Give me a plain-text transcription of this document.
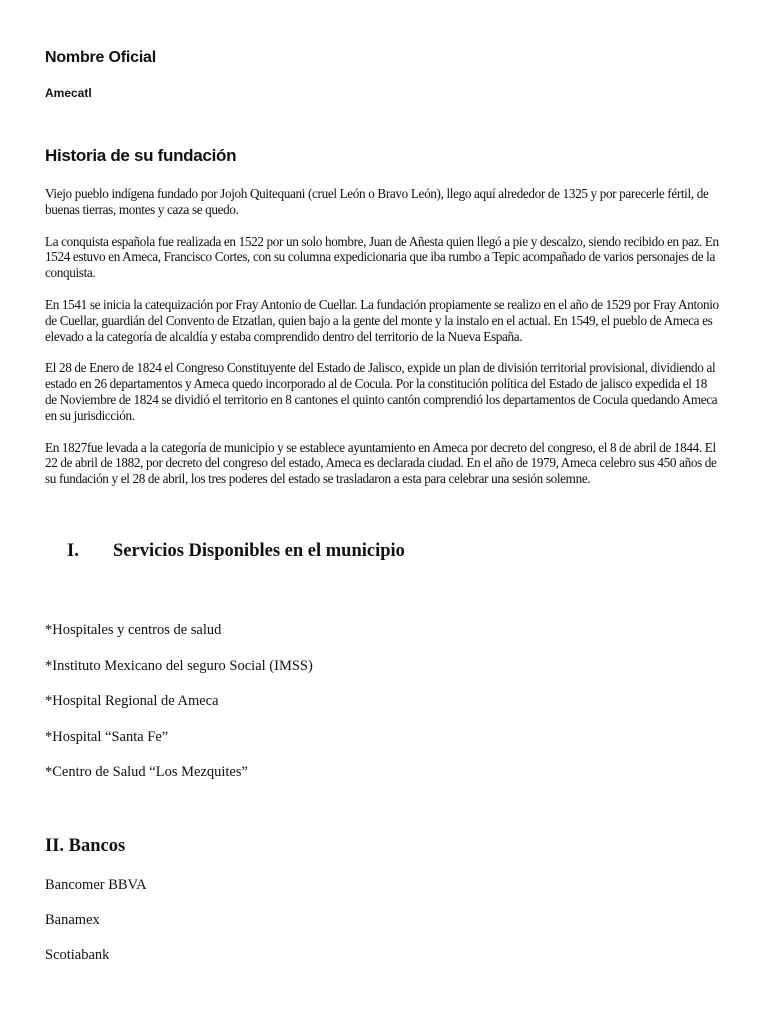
Nombre Oficial

Amecatl

Historia de su fundación

Viejo pueblo indígena fundado por Jojoh Quitequani (cruel León o Bravo León), llego aquí alrededor de 1325 y por parecerle fértil, de buenas tierras, montes y caza se quedo.

La conquista española fue realizada en 1522 por un solo hombre, Juan de Añesta quien llegó a pie y descalzo, siendo recibido en paz. En 1524 estuvo en Ameca, Francisco Cortes, con su columna expedicionaria que iba rumbo a Tepic acompañado de varios personajes de la conquista.

En 1541 se inicia la catequización por Fray Antonio de Cuellar. La fundación propiamente se realizo en el año de 1529 por Fray Antonio de Cuellar, guardián del Convento de Etzatlan, quien bajo a la gente del monte y la instalo en el actual. En 1549, el pueblo de Ameca es elevado a la categoría de alcaldía y estaba comprendido dentro del territorio de la Nueva España.

El 28 de Enero de 1824 el Congreso Constituyente del Estado de Jalisco, expide un plan de división territorial provisional, dividiendo al estado en 26 departamentos y Ameca quedo incorporado al de Cocula. Por la constitución política del Estado de jalisco expedida el 18 de Noviembre de 1824 se dividió el territorio en 8 cantones el quinto cantón comprendió los departamentos de Cocula quedando Ameca en su jurisdicción.

En 1827fue levada a la categoría de municipio y se establece ayuntamiento en Ameca por decreto del congreso, el 8 de abril de 1844. El 22 de abril de 1882, por decreto del congreso del estado, Ameca es declarada ciudad. En el año de 1979, Ameca celebro sus 450 años de su fundación y el 28 de abril, los tres poderes del estado se trasladaron a esta para celebrar una sesión solemne.

I. Servicios Disponibles en el municipio
*Hospitales y centros de salud
*Instituto Mexicano del seguro Social (IMSS)
*Hospital Regional de Ameca
*Hospital “Santa Fe”
*Centro de Salud “Los Mezquites”
II. Bancos
Bancomer BBVA
Banamex
Scotiabank
